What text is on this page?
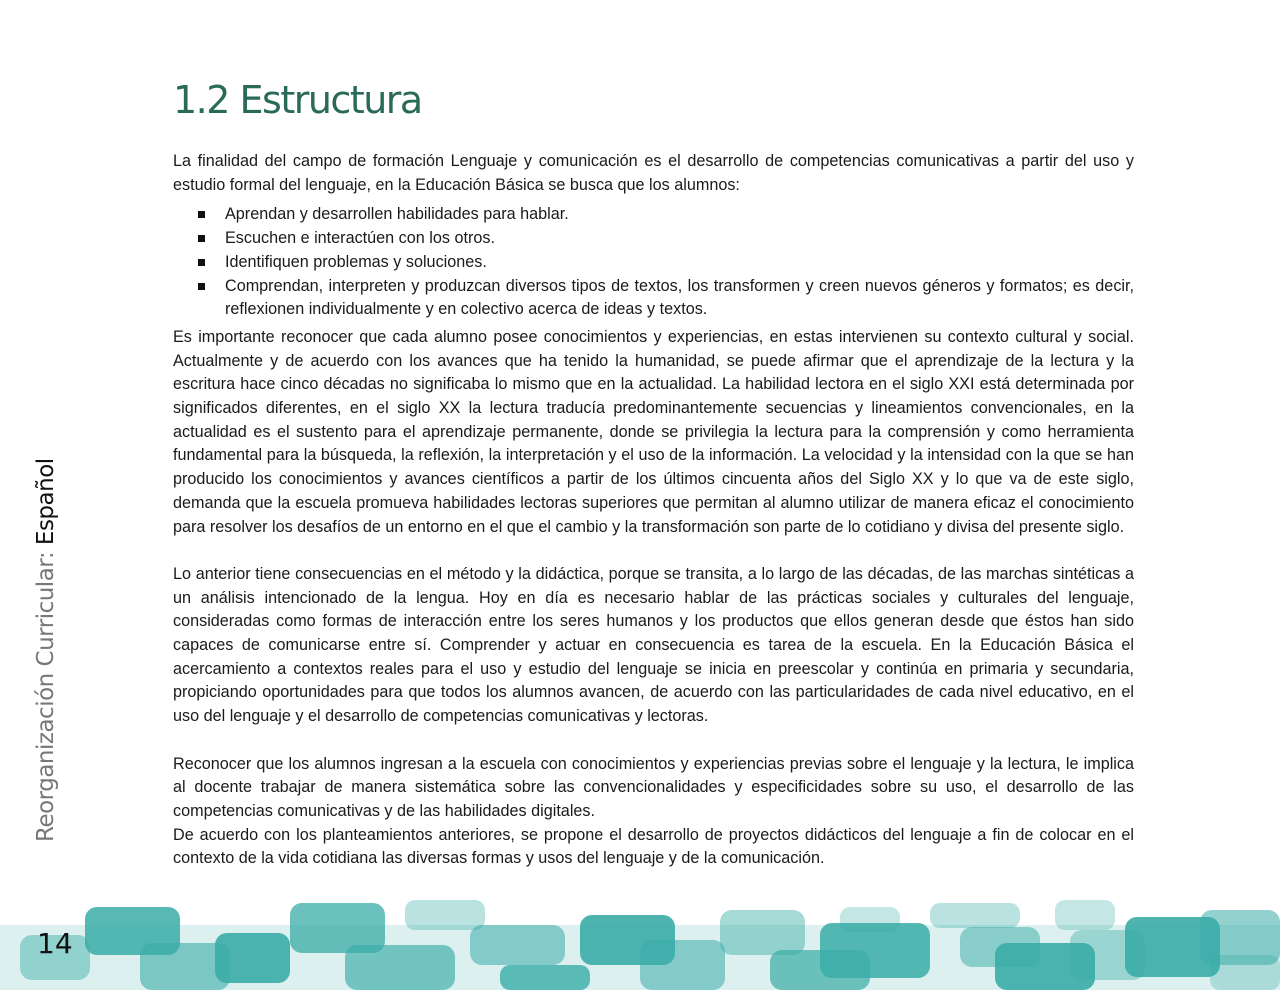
1.2 Estructura

La finalidad del campo de formación Lenguaje y comunicación es el desarrollo de competencias comunicativas a partir del uso y estudio formal del lenguaje, en la Educación Básica se busca que los alumnos:

Aprendan y desarrollen habilidades para hablar.
Escuchen e interactúen con los otros.
Identifiquen problemas y soluciones.
Comprendan, interpreten y produzcan diversos tipos de textos, los transformen y creen nuevos géneros y formatos; es decir, reflexionen individualmente y en colectivo acerca de ideas y textos.

Es importante reconocer que cada alumno posee conocimientos y experiencias, en estas intervienen su contexto cultural y social. Actualmente y de acuerdo con los avances que ha tenido la humanidad, se puede afirmar que el aprendizaje de la lectura y la escritura hace cinco décadas no significaba lo mismo que en la actualidad. La habilidad lectora en el siglo XXI está determinada por significados diferentes, en el siglo XX la lectura traducía predominantemente secuencias y lineamientos convencionales, en la actualidad es el sustento para el aprendizaje permanente, donde se privilegia la lectura para la comprensión y como herramienta fundamental para la búsqueda, la reflexión, la interpretación y el uso de la información. La velocidad y la intensidad con la que se han producido los conocimientos y avances científicos a partir de los últimos cincuenta años del Siglo XX y lo que va de este siglo, demanda que la escuela promueva habilidades lectoras superiores que permitan al alumno utilizar de manera eficaz el conocimiento para resolver los desafíos de un entorno en el que el cambio y la transformación son parte de lo cotidiano y divisa del presente siglo.

Lo anterior tiene consecuencias en el método y la didáctica, porque se transita, a lo largo de las décadas, de las marchas sintéticas a un análisis intencionado de la lengua. Hoy en día es necesario hablar de las prácticas sociales y culturales del lenguaje, consideradas como formas de interacción entre los seres humanos y los productos que ellos generan desde que éstos han sido capaces de comunicarse entre sí. Comprender y actuar en consecuencia es tarea de la escuela. En la Educación Básica el acercamiento a contextos reales para el uso y estudio del lenguaje se inicia en preescolar y continúa en primaria y secundaria, propiciando oportunidades para que todos los alumnos avancen, de acuerdo con las particularidades de cada nivel educativo, en el uso del lenguaje y el desarrollo de competencias comunicativas y lectoras.

Reconocer que los alumnos ingresan a la escuela con conocimientos y experiencias previas sobre el lenguaje y la lectura, le implica al docente trabajar de manera sistemática sobre las convencionalidades y especificidades sobre su uso, el desarrollo de las competencias comunicativas y de las habilidades digitales.

De acuerdo con los planteamientos anteriores, se propone el desarrollo de proyectos didácticos del lenguaje a fin de colocar en el contexto de la vida cotidiana las diversas formas y usos del lenguaje y de la comunicación.

Reorganización Curricular: Español

14
